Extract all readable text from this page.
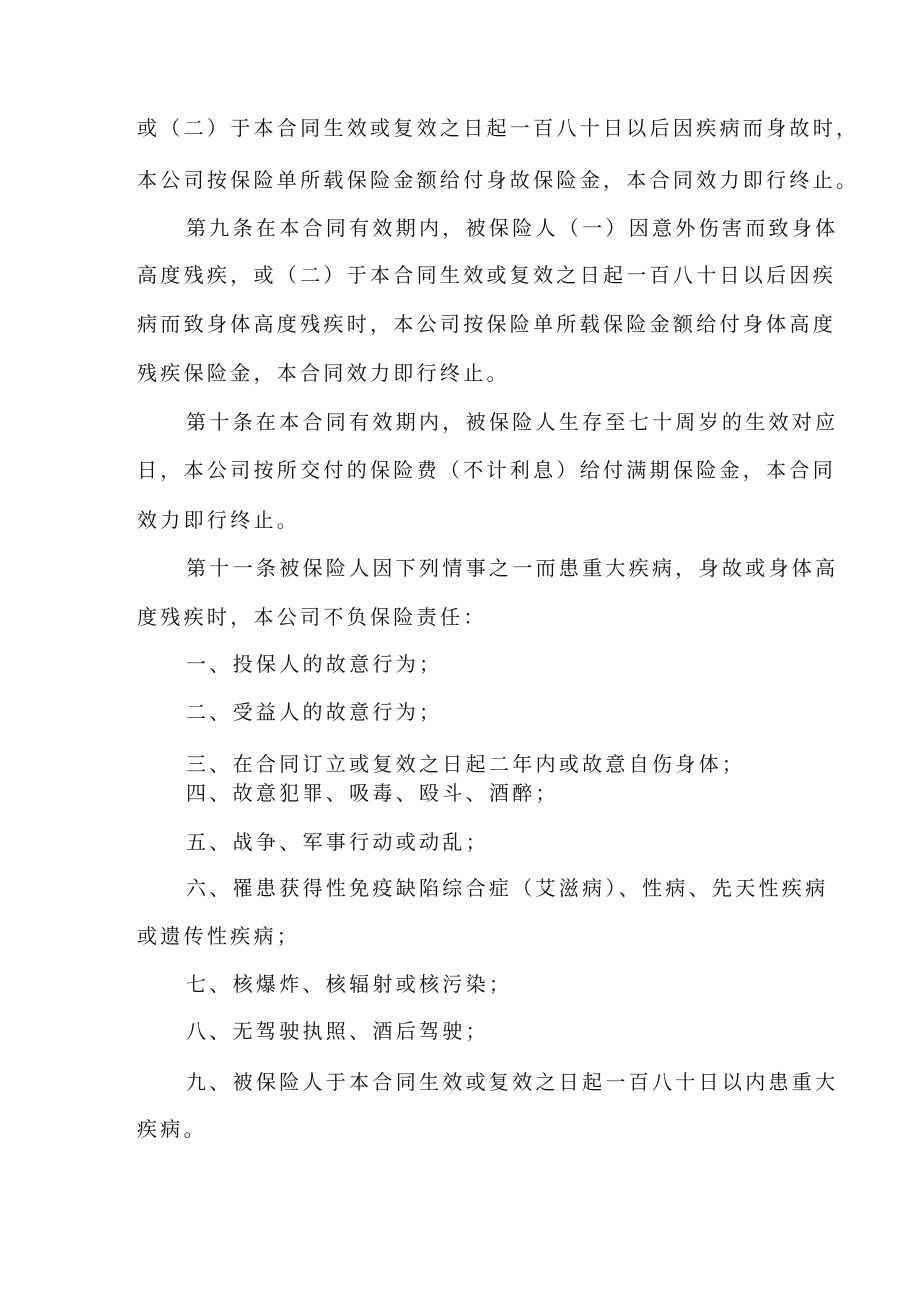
或（二）于本合同生效或复效之日起一百八十日以后因疾病而身故时，
本公司按保险单所载保险金额给付身故保险金，本合同效力即行终止。
第九条在本合同有效期内，被保险人（一）因意外伤害而致身体
高度残疾，或（二）于本合同生效或复效之日起一百八十日以后因疾
病而致身体高度残疾时，本公司按保险单所载保险金额给付身体高度
残疾保险金，本合同效力即行终止。
第十条在本合同有效期内，被保险人生存至七十周岁的生效对应
日，本公司按所交付的保险费（不计利息）给付满期保险金，本合同
效力即行终止。
第十一条被保险人因下列情事之一而患重大疾病，身故或身体高
度残疾时，本公司不负保险责任：
一、投保人的故意行为；
二、受益人的故意行为；
三、在合同订立或复效之日起二年内或故意自伤身体；
四、故意犯罪、吸毒、殴斗、酒醉；
五、战争、军事行动或动乱；
六、罹患获得性免疫缺陷综合症（艾滋病）、性病、先天性疾病
或遗传性疾病；
七、核爆炸、核辐射或核污染；
八、无驾驶执照、酒后驾驶；
九、被保险人于本合同生效或复效之日起一百八十日以内患重大
疾病。
